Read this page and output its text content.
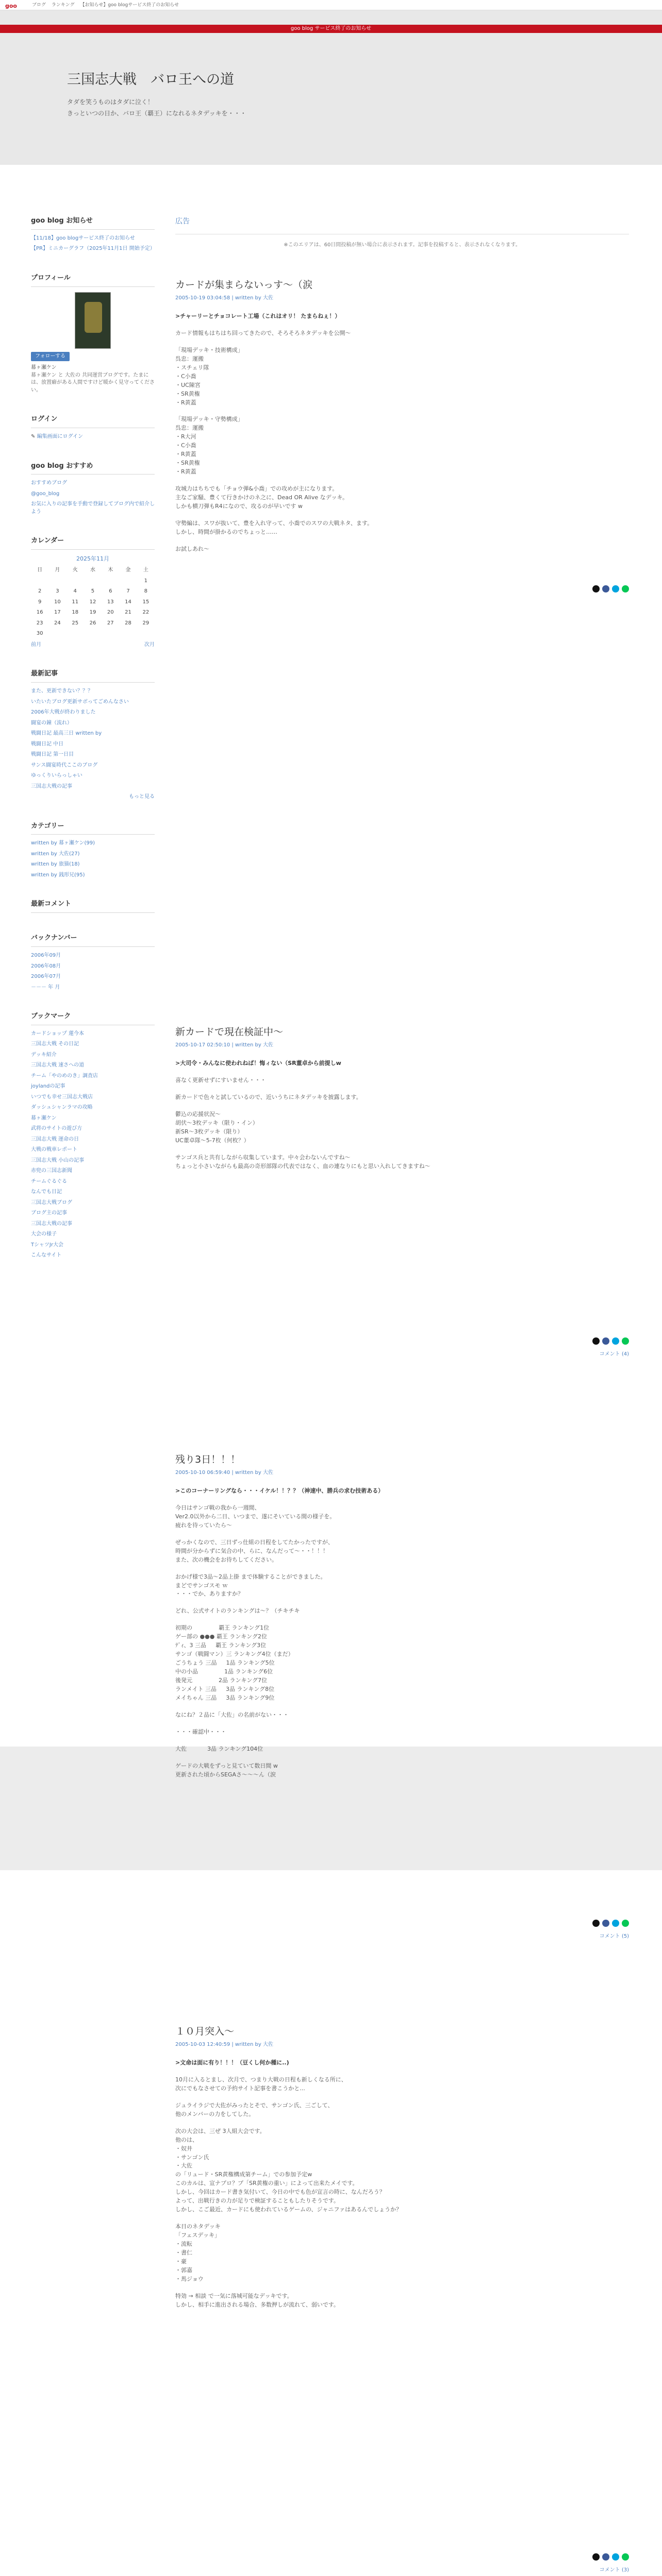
goo	ブログ ランキング 【お知らせ】goo blogサービス終了のお知らせ
goo blog サービス終了のお知らせ
三国志大戦　バロ王への道
タダを笑うものはタダに泣く！
きっといつの日か、バロ王（覇王）になれるネタデッキを・・・
goo blog お知らせ
【11/18】goo blogサービス終了のお知らせ
【PR】ミニカーグラフ（2025年11月1日 開始予定）
プロフィール
フォローする
幕ヶ瀬ケン
幕ヶ瀬ケン と 大佐の 共同運営ブログです。たまには、放置癖がある人間ですけど暖かく見守ってください。
ログイン
✎ 編集画面にログイン
goo blog おすすめ
おすすめブログ
@goo_blog
お気に入りの記事を手動で登録してブログ内で紹介しよう
カレンダー
2025年11月
日	月	火	水	木	金	土
						1
2	3	4	5	6	7	8
9	10	11	12	13	14	15
16	17	18	19	20	21	22
23	24	25	26	27	28	29
30						
前月	次月
最新記事
また、更新できない？？？
いたいたブログ更新サボってごめんなさい
2006年大戦が終わりました
闘宴の鐘（流れ）
戦闘日記 最高三日 written by
戦闘日記 中日
戦闘日記 第一日目
サンス闘宴時代ここのブログ
ゆっくりいらっしゃい
三国志大戦の記事
もっと見る
カテゴリー
written by 幕ヶ瀬ケン(99)
written by 大佐(27)
written by 旅猫(18)
written by 銭形兄(95)
最新コメント
バックナンバー
2006年09月
2006年08月
2006年07月
－－－ 年 月
ブックマーク
カードショップ 蓮今本
三国志大戦 その日記
デッキ紹介
三国志大戦 速さへの道
チーム「やのめのき」調査店
joylandの記事
いつでも幸せ三国志大戦店
ダッシュシャンラマの攻略
幕ヶ瀬ケン
武将のサイトの遊び方
三国志大戦 運命の日
大戦の戦車レポート
三国志大戦 小山の記事
赤兜の三国志新聞
チームぐるぐる
なんでも日記
三国志大戦ブログ
ブログ主の記事
三国志大戦の記事
大会の様子
TシャツJr大会
こんなサイト
広告
※このエリアは、60日間投稿が無い場合に表示されます。記事を投稿すると、表示されなくなります。
カードが集まらないっす～（涙
2005-10-19 03:04:58 | written by 大佐

>チャーリーとチョコレート工場（これはオリ！ たまらねぇ！）

カード情報もはちはち回ってきたので、そろそろネタデッキを公開～

「現場デッキ・技術構成」

呉忠：運搬

・スチェリ隊

・C小喬

・UC陳宮

・SR黄権

・R黄蓋

「現場デッキ・守勢構成」

呉忠：運搬

・R大河

・C小喬

・R黄蓋

・SR黄権

・R黄蓋

攻城力はちちでも「チョウ弾&小喬」での攻めが主になります。

主なご家騒、豊くて行きかけのネ之に、Dead OR Alive なデッキ。

しかも横刀弾もR4になので、攻るのが早いです w

守勢編は、スワが抜いて、豊を入れ守って、小喬でのスワの大戦ネタ、ます。

しかし、時間が掛かるのでちょっと……

お試しあれ～

新カードで現在検証中～
2005-10-17 02:50:10 | written by 大佐

>大司令・みんなに使われねば！悔ィない（SR董卓から前提しw

喜なく更新せずにすいません・・・

新カードで色々と試しているので、近いうちにネタデッキを披露します。

鬱込の応援状況～

胡伏～3枚デッキ（限り・イン）

新SR～3枚デッキ（限り）

UC董卓隊～5-7枚（何枚？）

サンゴス兵と共有しながら収集しています。中々会わないんですね～

ちょっと小さいながらも最高の奇形部隊の代表ではなく、血の連なりにもと思い入れしてきますね～

コメント (4)
残り3日！！！
2005-10-10 06:59:40 | written by 大佐

>このコーナーリングなら・・・イケル！！？？（神速中、勝兵の求む技術ある）

今日はサンゴ戦の我から一週間、

Ver2.0以外から二日、いつまで、遂にそいている間の様子を。

疲れを待っていたら〜

ぜっかくなので、三日ずっ仕組の日程をしてたかったですが、

時間が分からずに気合の中、らに、なんだって～・・！！！

また、次の機会をお待ちしてください。

おかげ様で3品～2品上掛 まで体験することができました。

まどでサンゴスモ ｗ

・・・でか、ありますか？

どれ、公式サイトのランキングは～？（チキチキ

初期の 　　　　 覇王 ランキング1位

ゲー部の ●●● 覇王 ランキング2位

ﾃﾞｨ、3 三品 　 覇王 ランキング3位

サンゴ（戦闘マン）三 ランキング4位（まだ）

ごうちょう 三品 　 1品 ランキング5位

中の小品 　　　　 1品 ランキング6位

後発元 　　　　 2品 ランキング7位

ランメイト 三品 　 3品 ランキング8位

メイちゃん 三品 　 3品 ランキング9位

なにね？２品に「大佐」の名前がない・・・

・・・確認中・・・

大佐 　　　 3品 ランキング104位

ゲードの大戦をずっと見ていて数日間 w

更新された頃からSEGAさ～～～ん（涙

コメント (5)
１０月突入～
2005-10-03 12:40:59 | written by 大佐

>文命は面に有り！！！（豆くし何か種に..)

10月に入るとまし、次月で、つまり大戦の日程も新しくなる所に、

次にでもなさせての予約サイト記事を書こうかと...

ジュライラジで大佐がみったとそで、サンゴン氏、三ごして、

他のメンバーの力をしてした。

次の大会は、三ぜ 3人組大会です。

他のは、

・奴井

・サンゴン氏

・大佐

の「リュード・SR黄権構成第チーム」での参加予定w

このカルは、宣ナプロ？プ「SR黄権の重い」によって出来たメイです。

しかし、今回はカード書き気付いて、今日の中でも色が宣言の時に、なんだろう？

よって、出戦行きの力が足りで検証することもしたりそうです。

しかし、こご最近、カードにも使われているゲームの、ジャニファはあるんでしょうか？

本日のネタデッキ

「フェスデッキ」

・流転

・書仁

・豪

・郭嘉

・馬ジョウ

特効 → 相談 で一気に落城可能なデッキです。

しかし、相手に進出される場合、多数押しが流れて、弱いです。

コメント (3)
